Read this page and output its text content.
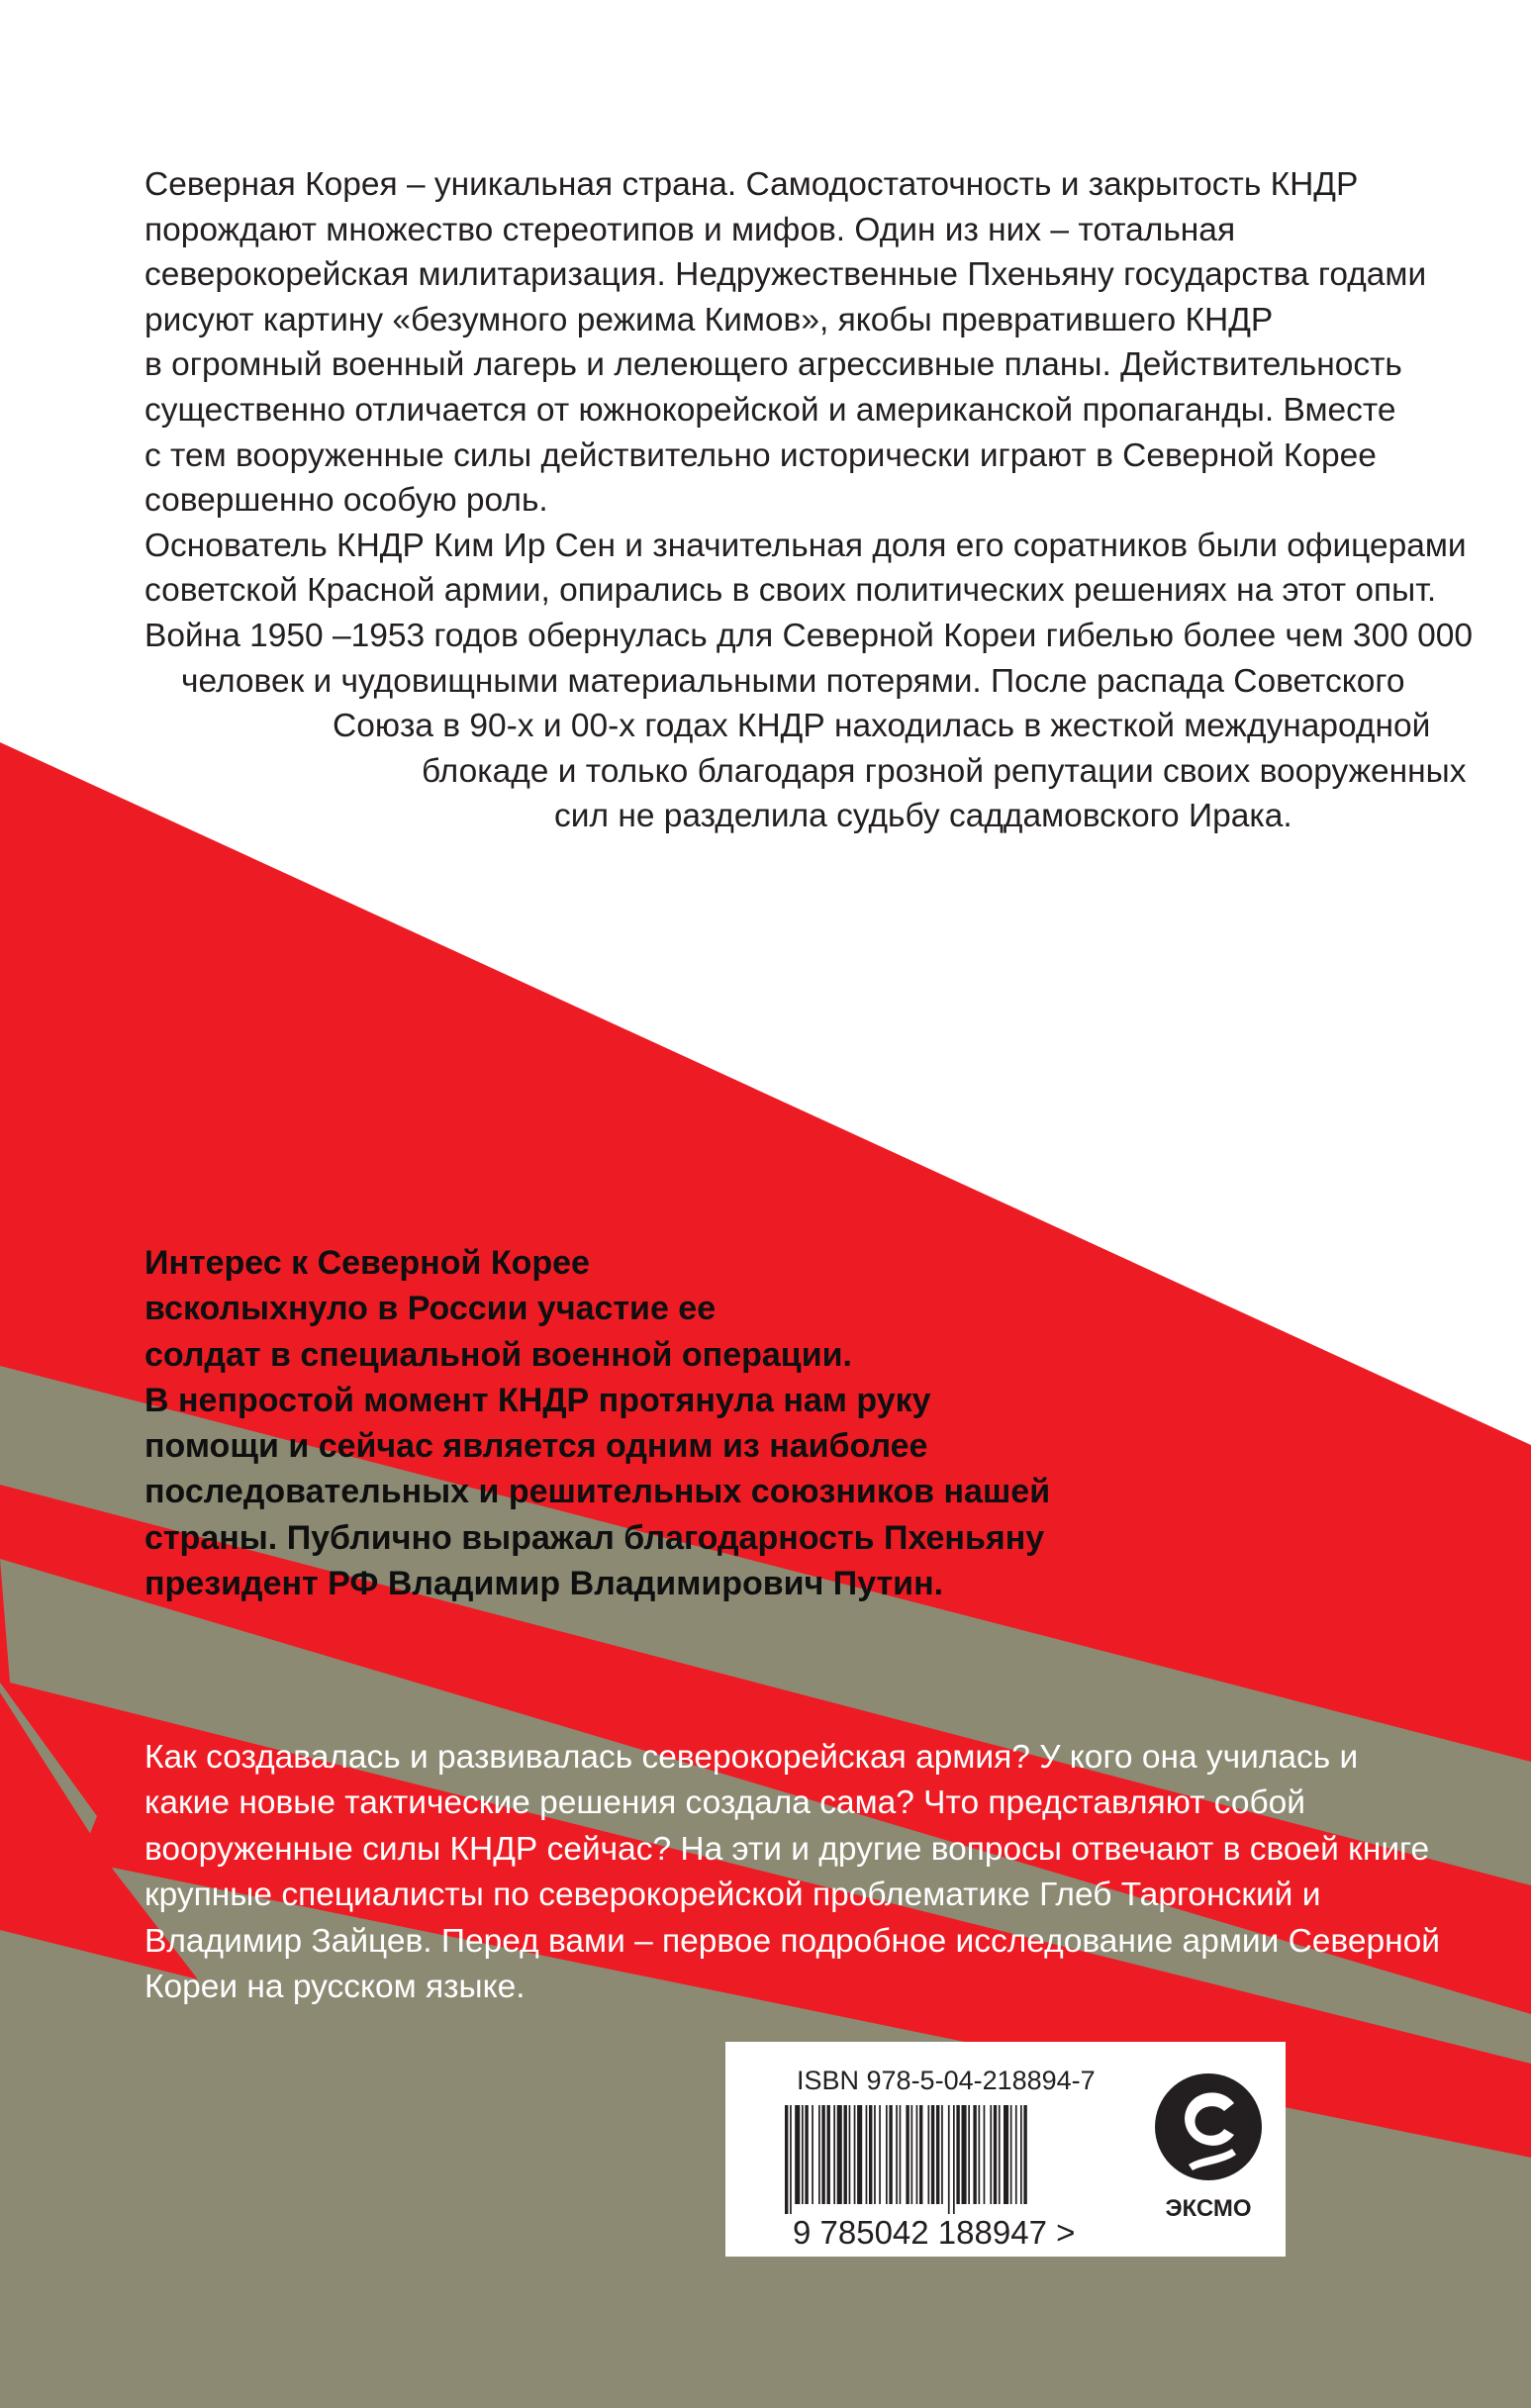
Северная Корея – уникальная страна. Самодостаточность и закрытость КНДР
порождают множество стереотипов и мифов. Один из них – тотальная
северокорейская милитаризация. Недружественные Пхеньяну государства годами
рисуют картину «безумного режима Кимов», якобы превратившего КНДР
в огромный военный лагерь и лелеющего агрессивные планы. Действительность
существенно отличается от южнокорейской и американской пропаганды. Вместе
с тем вооруженные силы действительно исторически играют в Северной Корее
совершенно особую роль.
Основатель КНДР Ким Ир Сен и значительная доля его соратников были офицерами
советской Красной армии, опирались в своих политических решениях на этот опыт.
Война 1950 –1953 годов обернулась для Северной Кореи гибелью более чем 300 000
человек и чудовищными материальными потерями. После распада Советского
Союза в 90-х и 00-х годах КНДР находилась в жесткой международной
блокаде и только благодаря грозной репутации своих вооруженных
сил не разделила судьбу саддамовского Ирака.
Интерес к Северной Корее
всколыхнуло в России участие ее
солдат в специальной военной операции.
В непростой момент КНДР протянула нам руку
помощи и сейчас является одним из наиболее
последовательных и решительных союзников нашей
страны. Публично выражал благодарность Пхеньяну
президент РФ Владимир Владимирович Путин.
Как создавалась и развивалась северокорейская армия? У кого она училась и
какие новые тактические решения создала сама? Что представляют собой
вооруженные силы КНДР сейчас? На эти и другие вопросы отвечают в своей книге
крупные специалисты по северокорейской проблематике Глеб Таргонский и
Владимир Зайцев. Перед вами – первое подробное исследование армии Северной
Кореи на русском языке.
ISBN 978-5-04-218894-7
9 785042 188947 >
ЭКСМО
